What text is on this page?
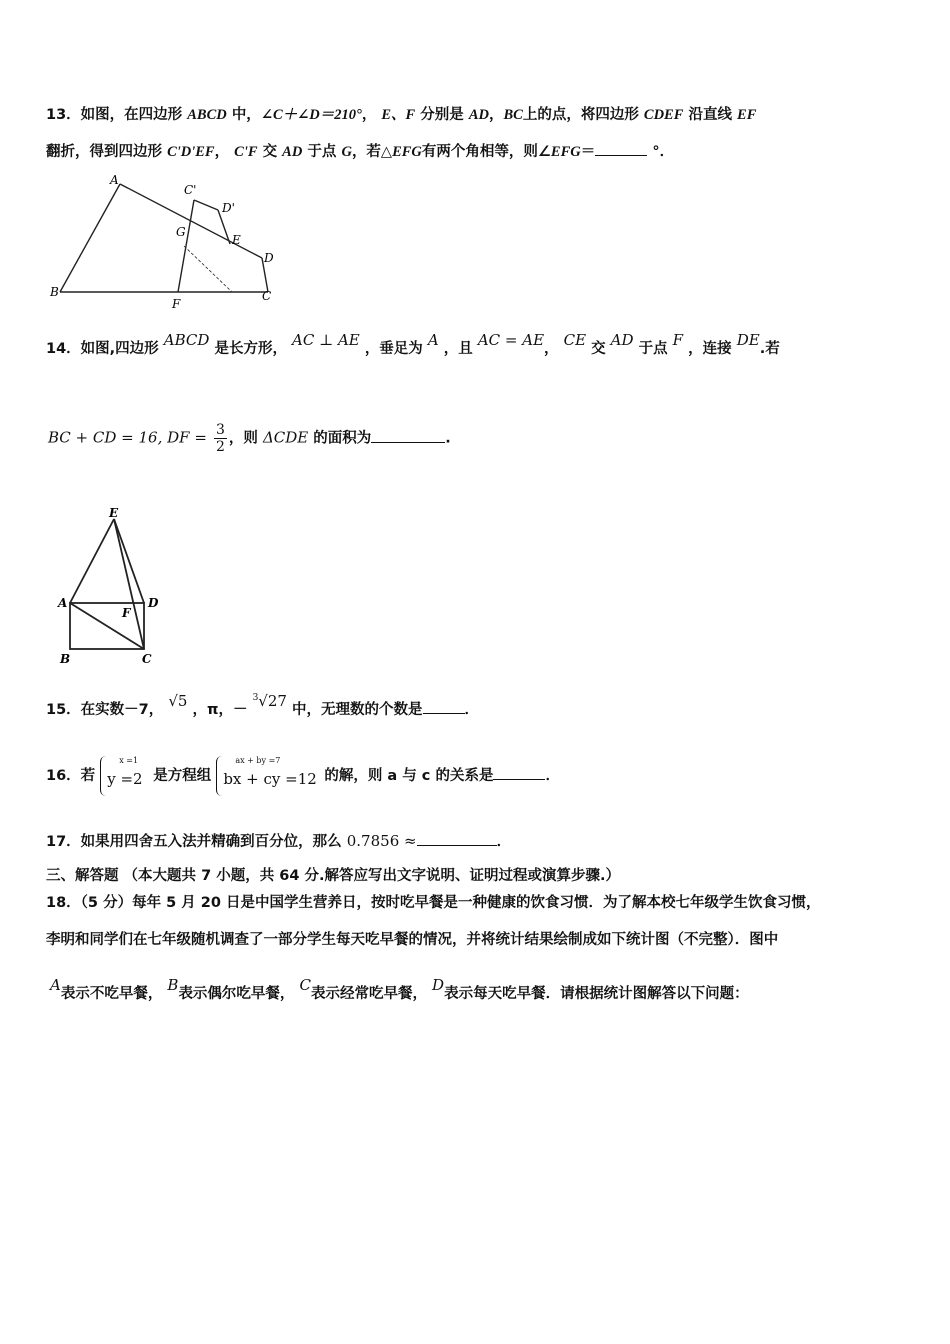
13．如图，在四边形 ABCD 中，∠C＋∠D＝210°， E、F 分别是 AD，BC上的点，将四边形 CDEF 沿直线 EF
翻折，得到四边形 C'D'EF， C'F 交 AD 于点 G，若△EFG有两个角相等，则∠EFG＝	°．
A
B	C
D
F
G
C'
D'
E
14．如图,四边形 ABCD 是长方形， AC ⊥ AE ，垂足为 A ，且 AC = AE， CE 交 AD 于点 F ，连接 DE.若
BC + CD = 16, DF = $\frac{3}{2}$ ，则 ΔCDE 的面积为	.
E
A	D
F
B	C
15．在实数－7， √5 ，π，－ $^3$√27 中，无理数的个数是	．
16．若
x =1
y =2 是方程组
ax + by =7
bx + cy =12 的解，则 a 与 c 的关系是	．
17．如果用四舍五入法并精确到百分位，那么 0.7856 ≈	．
三、解答题 （本大题共 7 小题，共 64 分.解答应写出文字说明、证明过程或演算步骤.）
18．（5 分）每年 5 月 20 日是中国学生营养日，按时吃早餐是一种健康的饮食习惯．为了解本校七年级学生饮食习惯，
李明和同学们在七年级随机调查了一部分学生每天吃早餐的情况，并将统计结果绘制成如下统计图（不完整）．图中
A表示不吃早餐， B表示偶尔吃早餐， C表示经常吃早餐， D表示每天吃早餐．请根据统计图解答以下问题：
